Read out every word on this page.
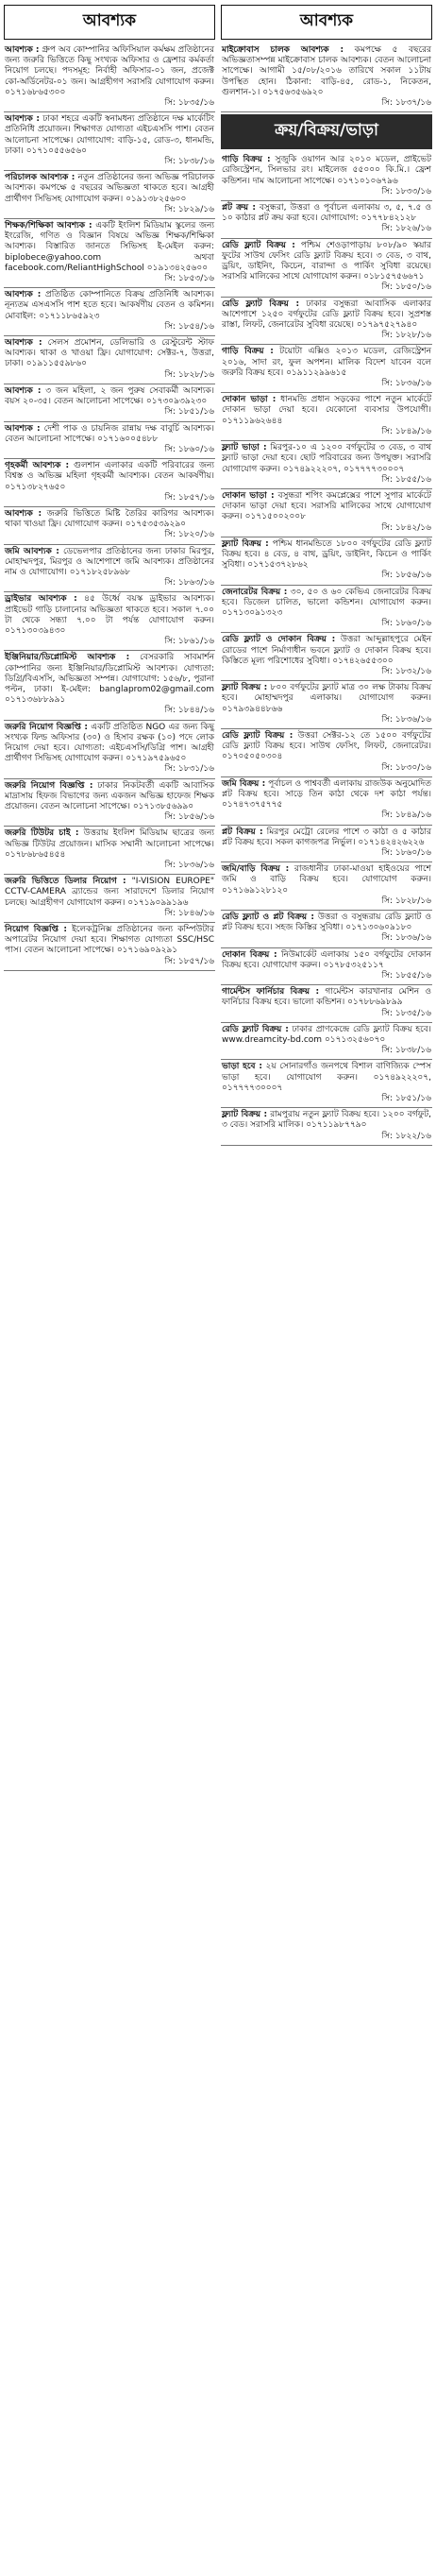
আবশ্যক
আবশ্যক : গ্রুপ অব কোম্পানির অফিসিয়াল কর্মক্ষম প্রতিষ্ঠানের জন্য জরুরি ভিত্তিতে কিছু সংখ্যক অফিসার ও ফ্রেশার কর্মকর্তা নিয়োগ চলছে। পদসমূহ: নির্বাহী অফিসার-০১ জন, প্রজেক্ট কো-অর্ডিনেটর-০১ জন। আগ্রহীগণ সরাসরি যোগাযোগ করুন। ০১৭১৬৮৬৫৩০০
সি: ১৮৩৫/১৬
আবশ্যক : ঢাকা শহরে একটি স্বনামধন্য প্রতিষ্ঠানে দক্ষ মার্কেটিং প্রতিনিধি প্রয়োজন। শিক্ষাগত যোগ্যতা এইচএসসি পাশ। বেতন আলোচনা সাপেক্ষে। যোগাযোগ: বাড়ি-১৫, রোড-৩, ধানমন্ডি, ঢাকা। ০১৭১০৫৫৬৫৬০
সি: ১৮৩৮/১৬
পরিচালক আবশ্যক : নতুন প্রতিষ্ঠানের জন্য অভিজ্ঞ পরিচালক আবশ্যক। কমপক্ষে ৫ বছরের অভিজ্ঞতা থাকতে হবে। আগ্রহী প্রার্থীগণ সিভিসহ যোগাযোগ করুন। ০১৯১৩৮২৫৬০০
সি: ১৮২৯/১৬
শিক্ষক/শিক্ষিকা আবশ্যক : একটি ইংলিশ মিডিয়াম স্কুলের জন্য ইংরেজি, গণিত ও বিজ্ঞান বিষয়ে অভিজ্ঞ শিক্ষক/শিক্ষিকা আবশ্যক। বিস্তারিত জানতে সিভিসহ ই-মেইল করুন: biplobece@yahoo.com অথবা facebook.com/ReliantHighSchool ০১৯১৩৪২৫৬০০
সি: ১৮৫৩/১৬
আবশ্যক : প্রতিষ্ঠিত কোম্পানিতে বিক্রয় প্রতিনিধি আবশ্যক। নূন্যতম এসএসসি পাশ হতে হবে। আকর্ষণীয় বেতন ও কমিশন। মোবাইল: ০১৭১১৮৬৫৯২৩
সি: ১৮৫৪/১৬
আবশ্যক : সেলস প্রমোশন, ডেলিভারি ও রেস্টুরেন্ট স্টাফ আবশ্যক। থাকা ও খাওয়া ফ্রি। যোগাযোগ: সেক্টর-৭, উত্তরা, ঢাকা। ০১৯১১৫৫৯৮৬০
সি: ১৮২৮/১৬
আবশ্যক : ৩ জন মহিলা, ২ জন পুরুষ সেবাকর্মী আবশ্যক। বয়স ২০-৩৫। বেতন আলোচনা সাপেক্ষে। ০১৭৩০৯৩৯২৩০
সি: ১৮৫১/১৬
আবশ্যক : দেশী পাক ও চায়নিজ রান্নায় দক্ষ বাবুর্চি আবশ্যক। বেতন আলোচনা সাপেক্ষে। ০১৭১৬০০৫৪৮৮
সি: ১৮৬০/১৬
গৃহকর্মী আবশ্যক : গুলশান এলাকার একটি পরিবারের জন্য বিশ্বস্ত ও অভিজ্ঞ মহিলা গৃহকর্মী আবশ্যক। বেতন আকর্ষণীয়। ০১৭১৩৮২৭৬৫০
সি: ১৮৫৭/১৬
আবশ্যক : জরুরি ভিত্তিতে মিষ্টি তৈরির কারিগর আবশ্যক। থাকা খাওয়া ফ্রি। যোগাযোগ করুন। ০১৭৫৩৫৩৯২৯০
সি: ১৮২০/১৬
জমি আবশ্যক : ডেভেলপার প্রতিষ্ঠানের জন্য ঢাকার মিরপুর, মোহাম্মদপুর, মিরপুর ও আশেপাশে জমি আবশ্যক। প্রতিষ্ঠানের নাম ও যোগাযোগ। ০১৭১৮২৫৮৯৬৮
সি: ১৮৬৩/১৬
ড্রাইভার আবশ্যক : ৪৫ উর্ধ্বে বয়স্ক ড্রাইভার আবশ্যক। প্রাইভেট গাড়ি চালানোর অভিজ্ঞতা থাকতে হবে। সকাল ৭.০০ টা থেকে সন্ধ্যা ৭.০০ টা পর্যন্ত যোগাযোগ করুন। ০১৭১৩০৩৯৪৩০
সি: ১৮৬১/১৬
ইঞ্জিনিয়ার/ডিপ্লোমিস্ট আবশ্যক : বেসরকারি সাবমার্শন কোম্পানির জন্য ইঞ্জিনিয়ার/ডিপ্লোমিস্ট আবশ্যক। যোগ্যতা: ডিগ্রি/বিএসসি, অভিজ্ঞতা সম্পন্ন। যোগাযোগ: ১৫৬/৮, পুরানা পল্টন, ঢাকা। ই-মেইল: banglaprom02@gmail.com ০১৭১৩৬৮৮৯৯১
সি: ১৮৪৪/১৬
জরুরি নিয়োগ বিজ্ঞপ্তি : একটি প্রতিষ্ঠিত NGO এর জন্য কিছু সংখ্যক ফিল্ড অফিসার (৩০) ও হিসাব রক্ষক (১০) পদে লোক নিয়োগ দেয়া হবে। যোগ্যতা: এইচএসসি/ডিগ্রি পাশ। আগ্রহী প্রার্থীগণ সিভিসহ যোগাযোগ করুন। ০১৭১৯৭৫৯৬৫০
সি: ১৮৩১/১৬
জরুরি নিয়োগ বিজ্ঞপ্তি : ঢাকার নিকটবর্তী একটি আবাসিক মাদ্রাসায় হিফজ বিভাগের জন্য একজন অভিজ্ঞ হাফেজ শিক্ষক প্রয়োজন। বেতন আলোচনা সাপেক্ষে। ০১৭১৩৮৫৬৯৯০
সি: ১৮৫৬/১৬
জরুরি টিউটর চাই : উত্তরায় ইংলিশ মিডিয়াম ছাত্রের জন্য অভিজ্ঞ টিউটর প্রয়োজন। মাসিক সম্মানী আলোচনা সাপেক্ষে। ০১৭৮৬৮৬৫৪৫৪
সি: ১৮৩৬/১৬
জরুরি ভিত্তিতে ডিলার নিয়োগ : "I-VISION EUROPE" CCTV-CAMERA ব্র্যান্ডের জন্য সারাদেশে ডিলার নিয়োগ চলছে। আগ্রহীগণ যোগাযোগ করুন। ০১৭১৯০৯৯১৯৬
সি: ১৮৪৬/১৬
নিয়োগ বিজ্ঞপ্তি : ইলেকট্রনিক্স প্রতিষ্ঠানের জন্য কম্পিউটার অপারেটর নিয়োগ দেয়া হবে। শিক্ষাগত যোগ্যতা SSC/HSC পাস। বেতন আলোচনা সাপেক্ষে। ০১৭১৬৯০৯২৯১
সি: ১৮৫৭/১৬
আবশ্যক
মাইক্রোবাস চালক আবশ্যক : কমপক্ষে ৫ বছরের অভিজ্ঞতাসম্পন্ন মাইক্রোবাস চালক আবশ্যক। বেতন আলোচনা সাপেক্ষে। আগামী ১৫/০৮/২০১৬ তারিখে সকাল ১১টায় উপস্থিত হোন। ঠিকানা: বাড়ি-৪৫, রোড-১, নিকেতন, গুলশান-১। ০১৭৫৬৩৫৬৯২০
সি: ১৮৩৭/১৬
ক্রয়/বিক্রয়/ভাড়া
গাড়ি বিক্রয় : সুজুকি ওয়াগন আর ২০১০ মডেল, প্রাইভেট রেজিস্ট্রেশন, সিলভার রং। মাইলেজ ৫৫০০০ কি.মি.। ফ্রেশ কন্ডিশন। দাম আলোচনা সাপেক্ষে। ০১৭১০১০৬৭৯৬
সি: ১৮৩৩/১৬
প্লট ক্রয় : বসুন্ধরা, উত্তরা ও পূর্বাচল এলাকায় ৩, ৫, ৭.৫ ও ১০ কাঠার প্লট ক্রয় করা হবে। যোগাযোগ: ০১৭৭৮৪২১২৮
সি: ১৮২৬/১৬
রেডি ফ্ল্যাট বিক্রয় : পশ্চিম শেওড়াপাড়ায় ৮০৮/৯০ স্কয়ার ফুটের সাউথ ফেসিং রেডি ফ্ল্যাট বিক্রয় হবে। ৩ বেড, ৩ বাথ, ড্রয়িং, ডাইনিং, কিচেন, বারান্দা ও পার্কিং সুবিধা রয়েছে। সরাসরি মালিকের সাথে যোগাযোগ করুন। ০১৮১৫৭৫৬৬৭১
সি: ১৮৫০/১৬
রেডি ফ্ল্যাট বিক্রয় : ঢাকার বসুন্ধরা আবাসিক এলাকার আশেপাশে ১২৫০ বর্গফুটের রেডি ফ্ল্যাট বিক্রয় হবে। সুপ্রশস্ত রাস্তা, লিফট, জেনারেটর সুবিধা রয়েছে। ০১৭৯৭৫২৭৯৪০
সি: ১৮২৮/১৬
গাড়ি বিক্রয় : টয়োটা এক্সিও ২০১৩ মডেল, রেজিস্ট্রেশন ২০১৬, সাদা রং, ফুল অপশন। মালিক বিদেশ যাবেন বলে জরুরি বিক্রয় হবে। ০১৯১১২৯৯৬১৫
সি: ১৮৩৬/১৬
দোকান ভাড়া : ধানমন্ডি প্রধান সড়কের পাশে নতুন মার্কেটে দোকান ভাড়া দেয়া হবে। যেকোনো ব্যবসার উপযোগী। ০১৭১১৯৬২৬৪৪
সি: ১৮৪৯/১৬
ফ্ল্যাট ভাড়া : মিরপুর-১০ এ ১২০০ বর্গফুটের ৩ বেড, ৩ বাথ ফ্ল্যাট ভাড়া দেয়া হবে। ছোট পরিবারের জন্য উপযুক্ত। সরাসরি যোগাযোগ করুন। ০১৭৪৯২২২০৭, ০১৭৭৭৭৩০০০৭
সি: ১৮৫৫/১৬
দোকান ভাড়া : বসুন্ধরা শপিং কমপ্লেক্সের পাশে সুপার মার্কেটে দোকান ভাড়া দেয়া হবে। সরাসরি মালিকের সাথে যোগাযোগ করুন। ০১৭১৫০০২০০৮
সি: ১৮৪২/১৬
ফ্ল্যাট বিক্রয় : পশ্চিম ধানমন্ডিতে ১৮০০ বর্গফুটের রেডি ফ্ল্যাট বিক্রয় হবে। ৪ বেড, ৪ বাথ, ড্রয়িং, ডাইনিং, কিচেন ও পার্কিং সুবিধা। ০১৭১৫৩৭২৮৬২
সি: ১৮৫৬/১৬
জেনারেটর বিক্রয় : ৩০, ৫০ ও ৬০ কেভিএ জেনারেটর বিক্রয় হবে। ডিজেল চালিত, ভালো কন্ডিশন। যোগাযোগ করুন। ০১৭১৩০৯১৩২৩
সি: ১৮৬০/১৬
রেডি ফ্ল্যাট ও দোকান বিক্রয় : উত্তরা আব্দুল্লাহপুরে মেইন রোডের পাশে নির্মাণাধীন ভবনে ফ্ল্যাট ও দোকান বিক্রয় হবে। কিস্তিতে মূল্য পরিশোধের সুবিধা। ০১৭৪২৬৫৫৩০০
সি: ১৮৩২/১৬
ফ্ল্যাট বিক্রয় : ৮০০ বর্গফুটের ফ্ল্যাট মাত্র ৩০ লক্ষ টাকায় বিক্রয় হবে। মোহাম্মদপুর এলাকায়। যোগাযোগ করুন। ০১৭৯৩৯৪৪৮৬৬
সি: ১৮৩৬/১৬
রেডি ফ্ল্যাট বিক্রয় : উত্তরা সেক্টর-১২ তে ১৫০০ বর্গফুটের রেডি ফ্ল্যাট বিক্রয় হবে। সাউথ ফেসিং, লিফট, জেনারেটর। ০১৭০৫০৫০৩০৪
সি: ১৮৩০/১৬
জমি বিক্রয় : পূর্বাচল ও পাশ্ববর্তী এলাকায় রাজউক অনুমোদিত প্লট বিক্রয় হবে। সাড়ে তিন কাঠা থেকে দশ কাঠা পর্যন্ত। ০১৭৪৭৩৭৫৭৭৫
সি: ১৮৪৯/১৬
প্লট বিক্রয় : মিরপুর মেট্রো রেলের পাশে ৩ কাঠা ও ৫ কাঠার প্লট বিক্রয় হবে। সকল কাগজপত্র নির্ভুল। ০১৭১৪২৪২৬২২৬
সি: ১৮৬০/১৬
জমি/বাড়ি বিক্রয় : রাজধানীর ঢাকা-মাওয়া হাইওয়ের পাশে জমি ও বাড়ি বিক্রয় হবে। যোগাযোগ করুন। ০১৭১৬৯১২৮১২০
সি: ১৮২৮/১৬
রেডি ফ্ল্যাট ও প্লট বিক্রয় : উত্তরা ও বসুন্ধরায় রেডি ফ্ল্যাট ও প্লট বিক্রয় হবে। সহজ কিস্তির সুবিধা। ০১৭১৩০৬০৯১৮০
সি: ১৮৩৬/১৬
দোকান বিক্রয় : নিউমার্কেট এলাকায় ১৫০ বর্গফুটের দোকান বিক্রয় হবে। যোগাযোগ করুন। ০১৭৮৫৩২৫১১৭
সি: ১৮৫৫/১৬
গার্মেন্টস ফার্নিচার বিক্রয় : গার্মেন্টস কারখানার মেশিন ও ফার্নিচার বিক্রয় হবে। ভালো কন্ডিশন। ০১৭৮৮৬৯৮৯৯
সি: ১৮৩৫/১৬
রেডি ফ্ল্যাট বিক্রয় : ঢাকার প্রাণকেন্দ্রে রেডি ফ্ল্যাট বিক্রয় হবে। www.dreamcity-bd.com ০১৭১৩২৫৬০৭০
সি: ১৮৩৮/১৬
ভাড়া হবে : ২য় সোনারগাঁও জনপথে বিশাল বাণিজ্যিক স্পেস ভাড়া হবে। যোগাযোগ করুন। ০১৭৪৯২২২০৭, ০১৭৭৭৭৩০০০৭
সি: ১৮৫১/১৬
ফ্ল্যাট বিক্রয় : রামপুরায় নতুন ফ্ল্যাট বিক্রয় হবে। ১২০০ বর্গফুট, ৩ বেড। সরাসরি মালিক। ০১৭১১৯৮৭৭৯০
সি: ১৮২২/১৬
